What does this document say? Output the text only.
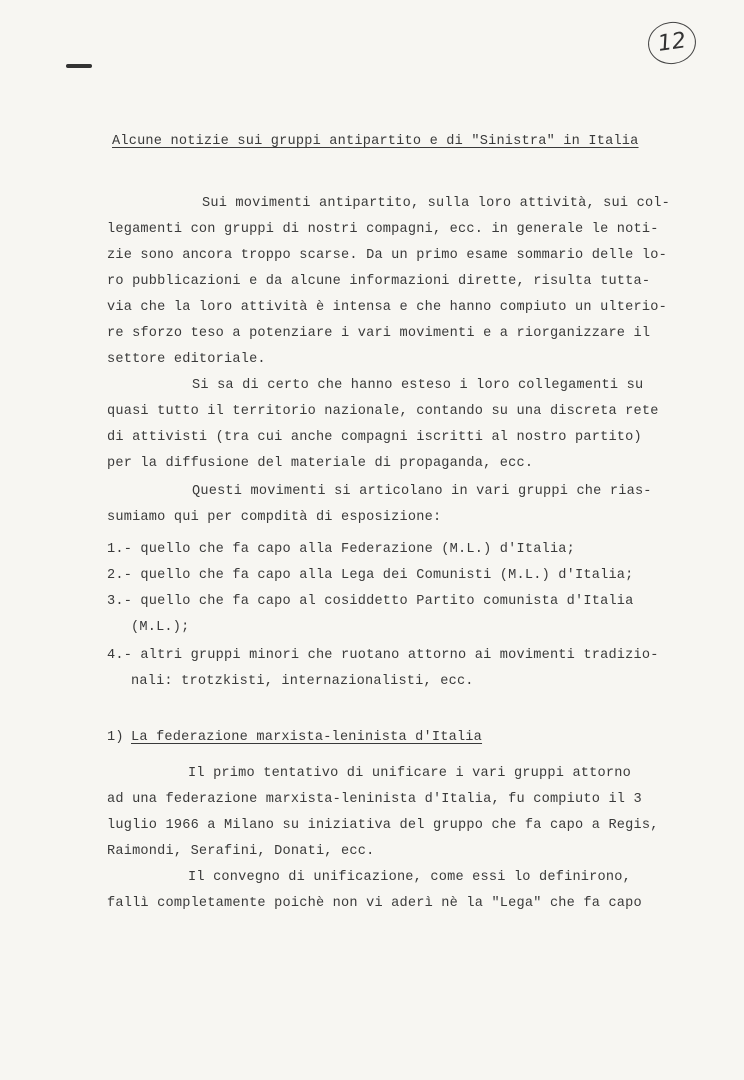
12
Alcune notizie sui gruppi antipartito e di "Sinistra" in Italia
Sui movimenti antipartito, sulla loro attività, sui col-
legamenti con gruppi di nostri compagni, ecc. in generale le noti-
zie sono ancora troppo scarse. Da un primo esame sommario delle lo-
ro pubblicazioni e da alcune informazioni dirette, risulta tutta-
via che la loro attività è intensa e che hanno compiuto un ulterio-
re sforzo teso a potenziare i vari movimenti e a riorganizzare il
settore editoriale.
Si sa di certo che hanno esteso i loro collegamenti su
quasi tutto il territorio nazionale, contando su una discreta rete
di attivisti (tra cui anche compagni iscritti al nostro partito)
per la diffusione del materiale di propaganda, ecc.
Questi movimenti si articolano in vari gruppi che rias-
sumiamo qui per compdità di esposizione:
1.- quello che fa capo alla Federazione (M.L.) d'Italia;
2.- quello che fa capo alla Lega dei Comunisti (M.L.) d'Italia;
3.- quello che fa capo al cosiddetto Partito comunista d'Italia
(M.L.);
4.- altri gruppi minori che ruotano attorno ai movimenti tradizio-
nali: trotzkisti, internazionalisti, ecc.
1) La federazione marxista-leninista d'Italia
Il primo tentativo di unificare i vari gruppi attorno
ad una federazione marxista-leninista d'Italia, fu compiuto il 3
luglio 1966 a Milano su iniziativa del gruppo che fa capo a Regis,
Raimondi, Serafini, Donati, ecc.
Il convegno di unificazione, come essi lo definirono,
fallì completamente poichè non vi aderì nè la "Lega" che fa capo
